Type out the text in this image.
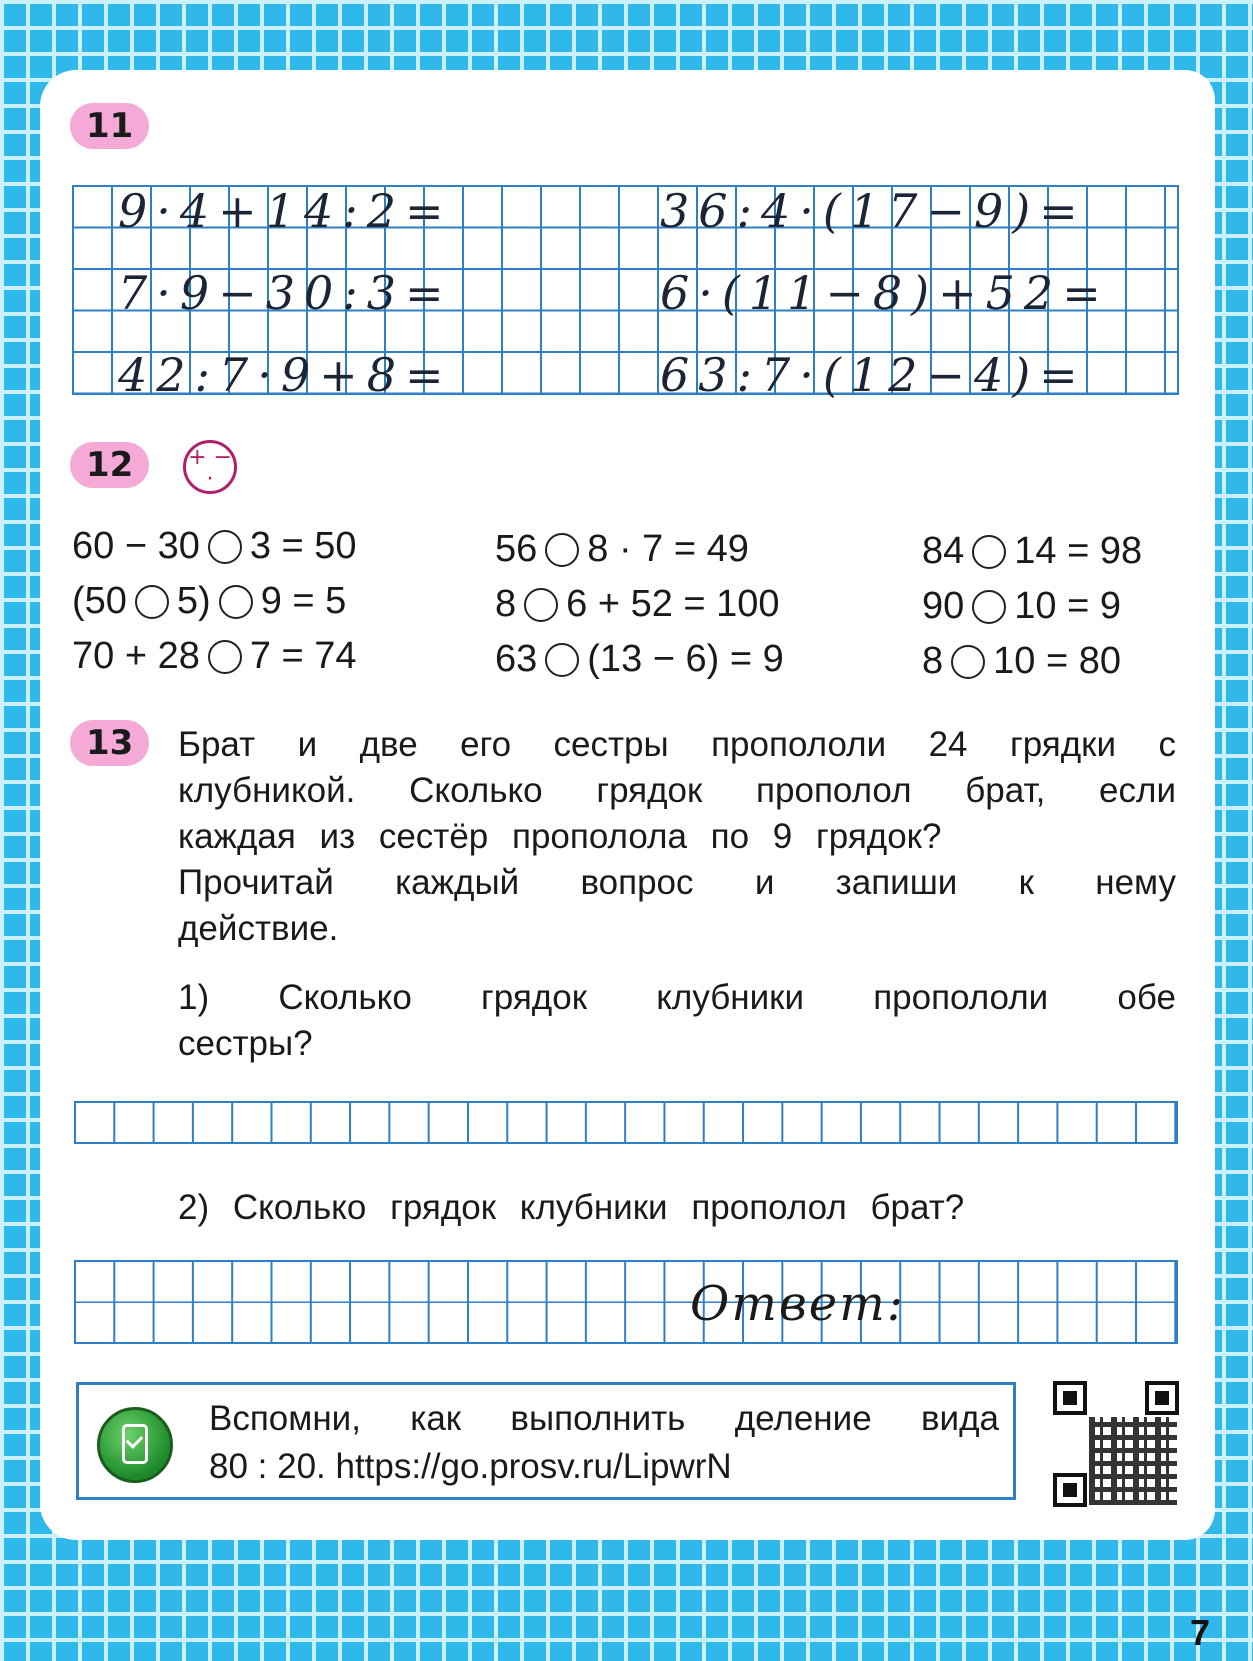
11
9·4+14:2=
7·9−30:3=
42:7·9+8=
36:4·(17−9)=
6·(11−8)+52=
63:7·(12−4)=
12	+ − ·
60 − 30 3 = 50
(50 5) 9 = 5
70 + 28 7 = 74
56 8 · 7 = 49
8 6 + 52 = 100
63 (13 − 6) = 9
84 14 = 98
90 10 = 9
8 10 = 80
13	Брат и две его сестры пропололи 24 грядки с
клубникой. Сколько грядок прополол брат, если
каждая из сестёр прополола по 9 грядок?
Прочитай каждый вопрос и запиши к нему
действие.
1) Сколько грядок клубники пропололи обе
сестры?
2) Сколько грядок клубники прополол брат?
Ответ:
Вспомни, как выполнить деление вида
80 : 20. https://go.prosv.ru/LipwrN
7
